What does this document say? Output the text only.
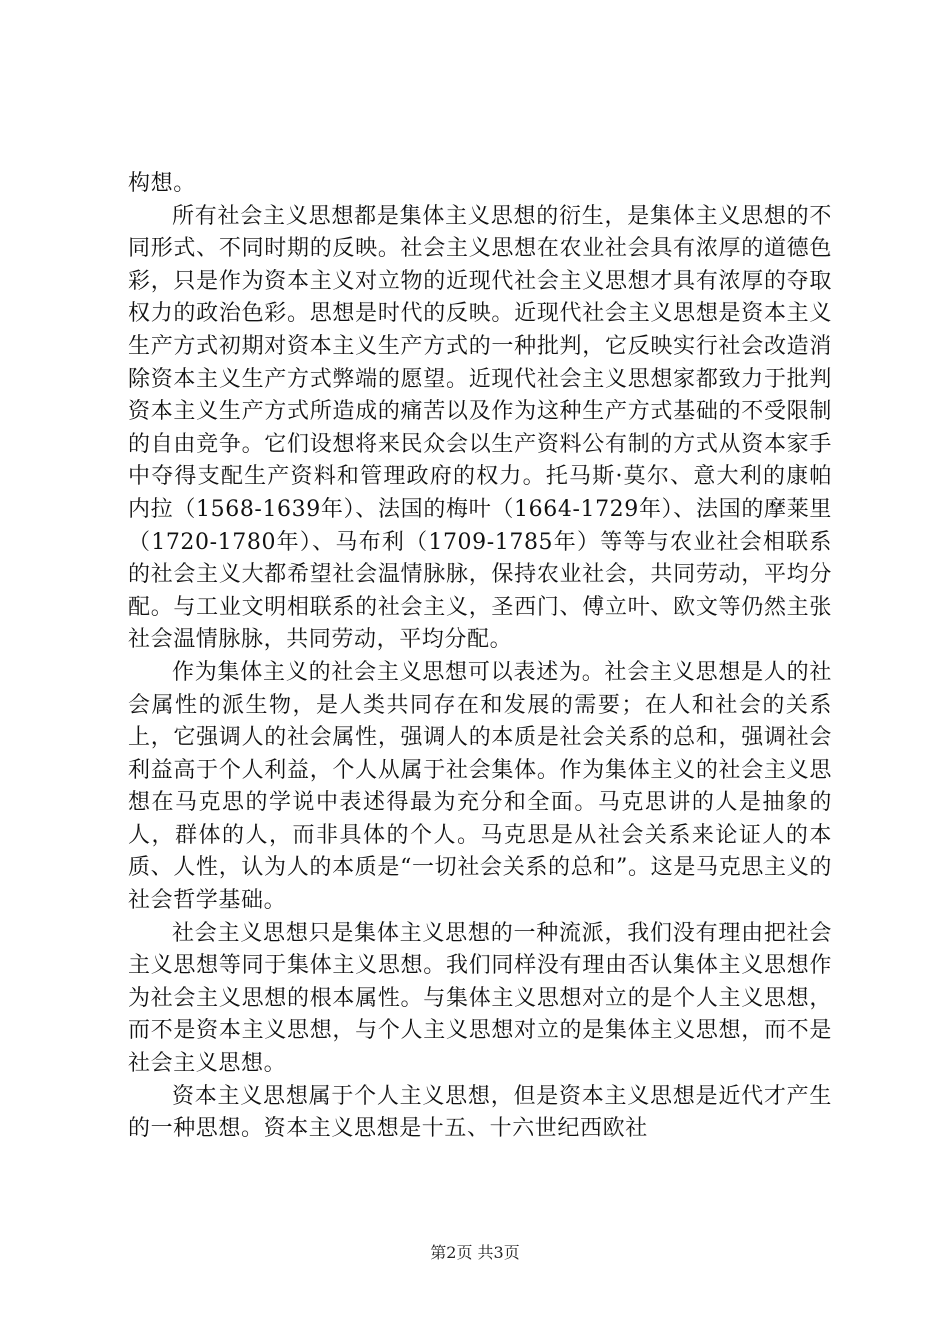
构想。

所有社会主义思想都是集体主义思想的衍生，是集体主义思想的不同形式、不同时期的反映。社会主义思想在农业社会具有浓厚的道德色彩，只是作为资本主义对立物的近现代社会主义思想才具有浓厚的夺取权力的政治色彩。思想是时代的反映。近现代社会主义思想是资本主义生产方式初期对资本主义生产方式的一种批判，它反映实行社会改造消除资本主义生产方式弊端的愿望。近现代社会主义思想家都致力于批判资本主义生产方式所造成的痛苦以及作为这种生产方式基础的不受限制的自由竞争。它们设想将来民众会以生产资料公有制的方式从资本家手中夺得支配生产资料和管理政府的权力。托马斯·莫尔、意大利的康帕内拉（1568-1639年）、法国的梅叶（1664-1729年）、法国的摩莱里（1720-1780年）、马布利（1709-1785年）等等与农业社会相联系的社会主义大都希望社会温情脉脉，保持农业社会，共同劳动，平均分配。与工业文明相联系的社会主义，圣西门、傅立叶、欧文等仍然主张社会温情脉脉，共同劳动，平均分配。

作为集体主义的社会主义思想可以表述为。社会主义思想是人的社会属性的派生物，是人类共同存在和发展的需要；在人和社会的关系上，它强调人的社会属性，强调人的本质是社会关系的总和，强调社会利益高于个人利益，个人从属于社会集体。作为集体主义的社会主义思想在马克思的学说中表述得最为充分和全面。马克思讲的人是抽象的人，群体的人，而非具体的个人。马克思是从社会关系来论证人的本质、人性，认为人的本质是“一切社会关系的总和”。这是马克思主义的社会哲学基础。

社会主义思想只是集体主义思想的一种流派，我们没有理由把社会主义思想等同于集体主义思想。我们同样没有理由否认集体主义思想作为社会主义思想的根本属性。与集体主义思想对立的是个人主义思想，而不是资本主义思想，与个人主义思想对立的是集体主义思想，而不是社会主义思想。

资本主义思想属于个人主义思想，但是资本主义思想是近代才产生的一种思想。资本主义思想是十五、十六世纪西欧社

第2页 共3页
